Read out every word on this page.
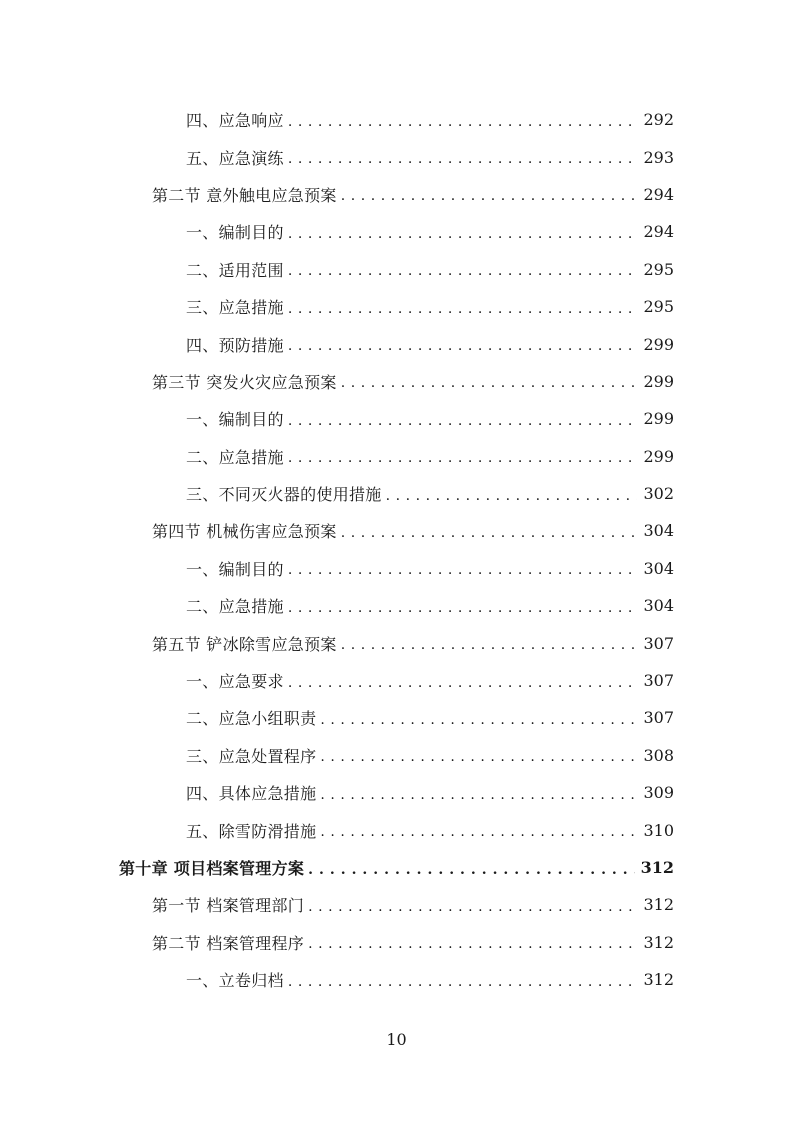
四、应急响应 . . .	292
五、应急演练 . . .	293
第二节 意外触电应急预案 . . .	294
一、编制目的 . . .	294
二、适用范围 . . .	295
三、应急措施 . . .	295
四、预防措施 . . .	299
第三节 突发火灾应急预案 . . .	299
一、编制目的 . . .	299
二、应急措施 . . .	299
三、不同灭火器的使用措施 . . .	302
第四节 机械伤害应急预案 . . .	304
一、编制目的 . . .	304
二、应急措施 . . .	304
第五节 铲冰除雪应急预案 . . .	307
一、应急要求 . . .	307
二、应急小组职责 . . .	307
三、应急处置程序 . . .	308
四、具体应急措施 . . .	309
五、除雪防滑措施 . . .	310
第十章 项目档案管理方案 . . .	312
第一节 档案管理部门 . . .	312
第二节 档案管理程序 . . .	312
一、立卷归档 . . .	312
10
